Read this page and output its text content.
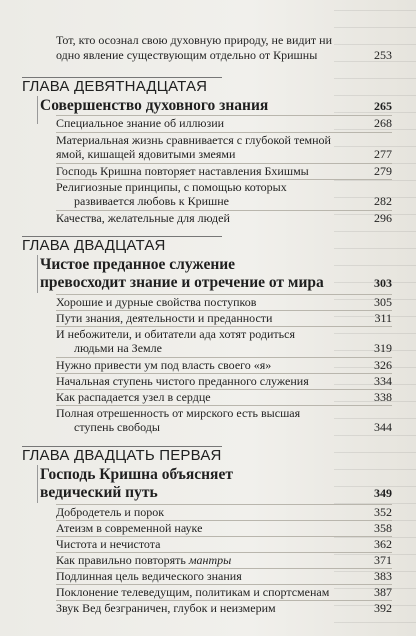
Тот, кто осознал свою духовную природу, не видит ни
одно явление существующим отдельно от Кришны	253
ГЛАВА ДЕВЯТНАДЦАТАЯ
Совершенство духовного знания	265
Специальное знание об иллюзии	268
Материальная жизнь сравнивается с глубокой темной
ямой, кишащей ядовитыми змеями	277
Господь Кришна повторяет наставления Бхишмы	279
Религиозные принципы, с помощью которых
развивается любовь к Кришне	282
Качества, желательные для людей	296
ГЛАВА ДВАДЦАТАЯ
Чистое преданное служение
превосходит знание и отречение от мира	303
Хорошие и дурные свойства поступков	305
Пути знания, деятельности и преданности	311
И небожители, и обитатели ада хотят родиться
людьми на Земле	319
Нужно привести ум под власть своего «я»	326
Начальная ступень чистого преданного служения	334
Как распадается узел в сердце	338
Полная отрешенность от мирского есть высшая
ступень свободы	344
ГЛАВА ДВАДЦАТЬ ПЕРВАЯ
Господь Кришна объясняет
ведический путь	349
Добродетель и порок	352
Атеизм в современной науке	358
Чистота и нечистота	362
Как правильно повторять мантры	371
Подлинная цель ведического знания	383
Поклонение телеведущим, политикам и спортсменам	387
Звук Вед безграничен, глубок и неизмерим	392
